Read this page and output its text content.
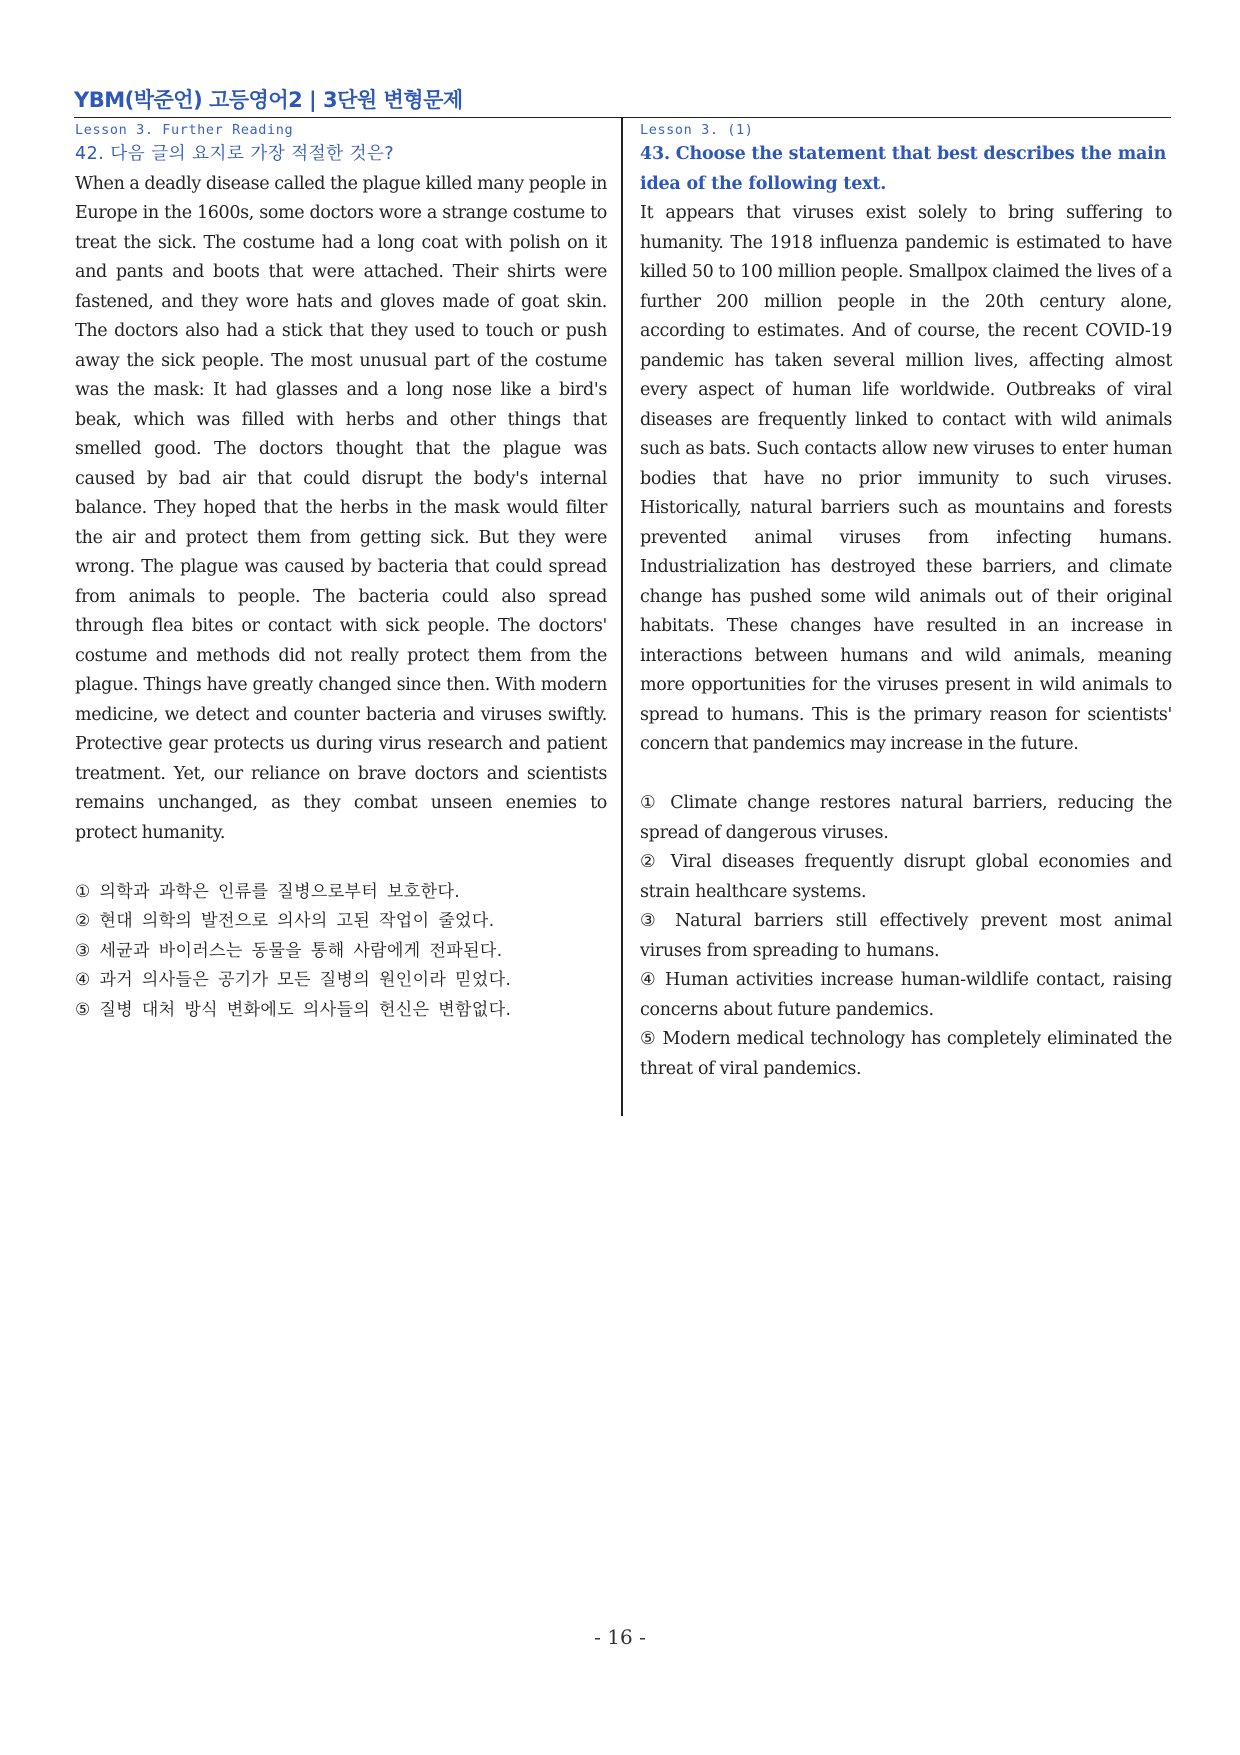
YBM(박준언) 고등영어2 | 3단원 변형문제
Lesson 3. Further Reading

42. 다음 글의 요지로 가장 적절한 것은?

When a deadly disease called the plague killed many people in Europe in the 1600s, some doctors wore a strange costume to treat the sick. The costume had a long coat with polish on it and pants and boots that were attached. Their shirts were fastened, and they wore hats and gloves made of goat skin. The doctors also had a stick that they used to touch or push away the sick people. The most unusual part of the costume was the mask: It had glasses and a long nose like a bird's beak, which was filled with herbs and other things that smelled good. The doctors thought that the plague was caused by bad air that could disrupt the body's internal balance. They hoped that the herbs in the mask would filter the air and protect them from getting sick. But they were wrong. The plague was caused by bacteria that could spread from animals to people. The bacteria could also spread through flea bites or contact with sick people. The doctors' costume and methods did not really protect them from the plague. Things have greatly changed since then. With modern medicine, we detect and counter bacteria and viruses swiftly. Protective gear protects us during virus research and patient treatment. Yet, our reliance on brave doctors and scientists remains unchanged, as they combat unseen enemies to protect humanity.

① 의학과 과학은 인류를 질병으로부터 보호한다.
② 현대 의학의 발전으로 의사의 고된 작업이 줄었다.
③ 세균과 바이러스는 동물을 통해 사람에게 전파된다.
④ 과거 의사들은 공기가 모든 질병의 원인이라 믿었다.
⑤ 질병 대처 방식 변화에도 의사들의 헌신은 변함없다.
Lesson 3. (1)

43. Choose the statement that best describes the main idea of the following text.

It appears that viruses exist solely to bring suffering to humanity. The 1918 influenza pandemic is estimated to have killed 50 to 100 million people. Smallpox claimed the lives of a further 200 million people in the 20th century alone, according to estimates. And of course, the recent COVID-19 pandemic has taken several million lives, affecting almost every aspect of human life worldwide. Outbreaks of viral diseases are frequently linked to contact with wild animals such as bats. Such contacts allow new viruses to enter human bodies that have no prior immunity to such viruses. Historically, natural barriers such as mountains and forests prevented animal viruses from infecting humans. Industrialization has destroyed these barriers, and climate change has pushed some wild animals out of their original habitats. These changes have resulted in an increase in interactions between humans and wild animals, meaning more opportunities for the viruses present in wild animals to spread to humans. This is the primary reason for scientists' concern that pandemics may increase in the future.

① Climate change restores natural barriers, reducing the spread of dangerous viruses.
② Viral diseases frequently disrupt global economies and strain healthcare systems.
③ Natural barriers still effectively prevent most animal viruses from spreading to humans.
④ Human activities increase human-wildlife contact, raising concerns about future pandemics.
⑤ Modern medical technology has completely eliminated the threat of viral pandemics.
- 16 -
